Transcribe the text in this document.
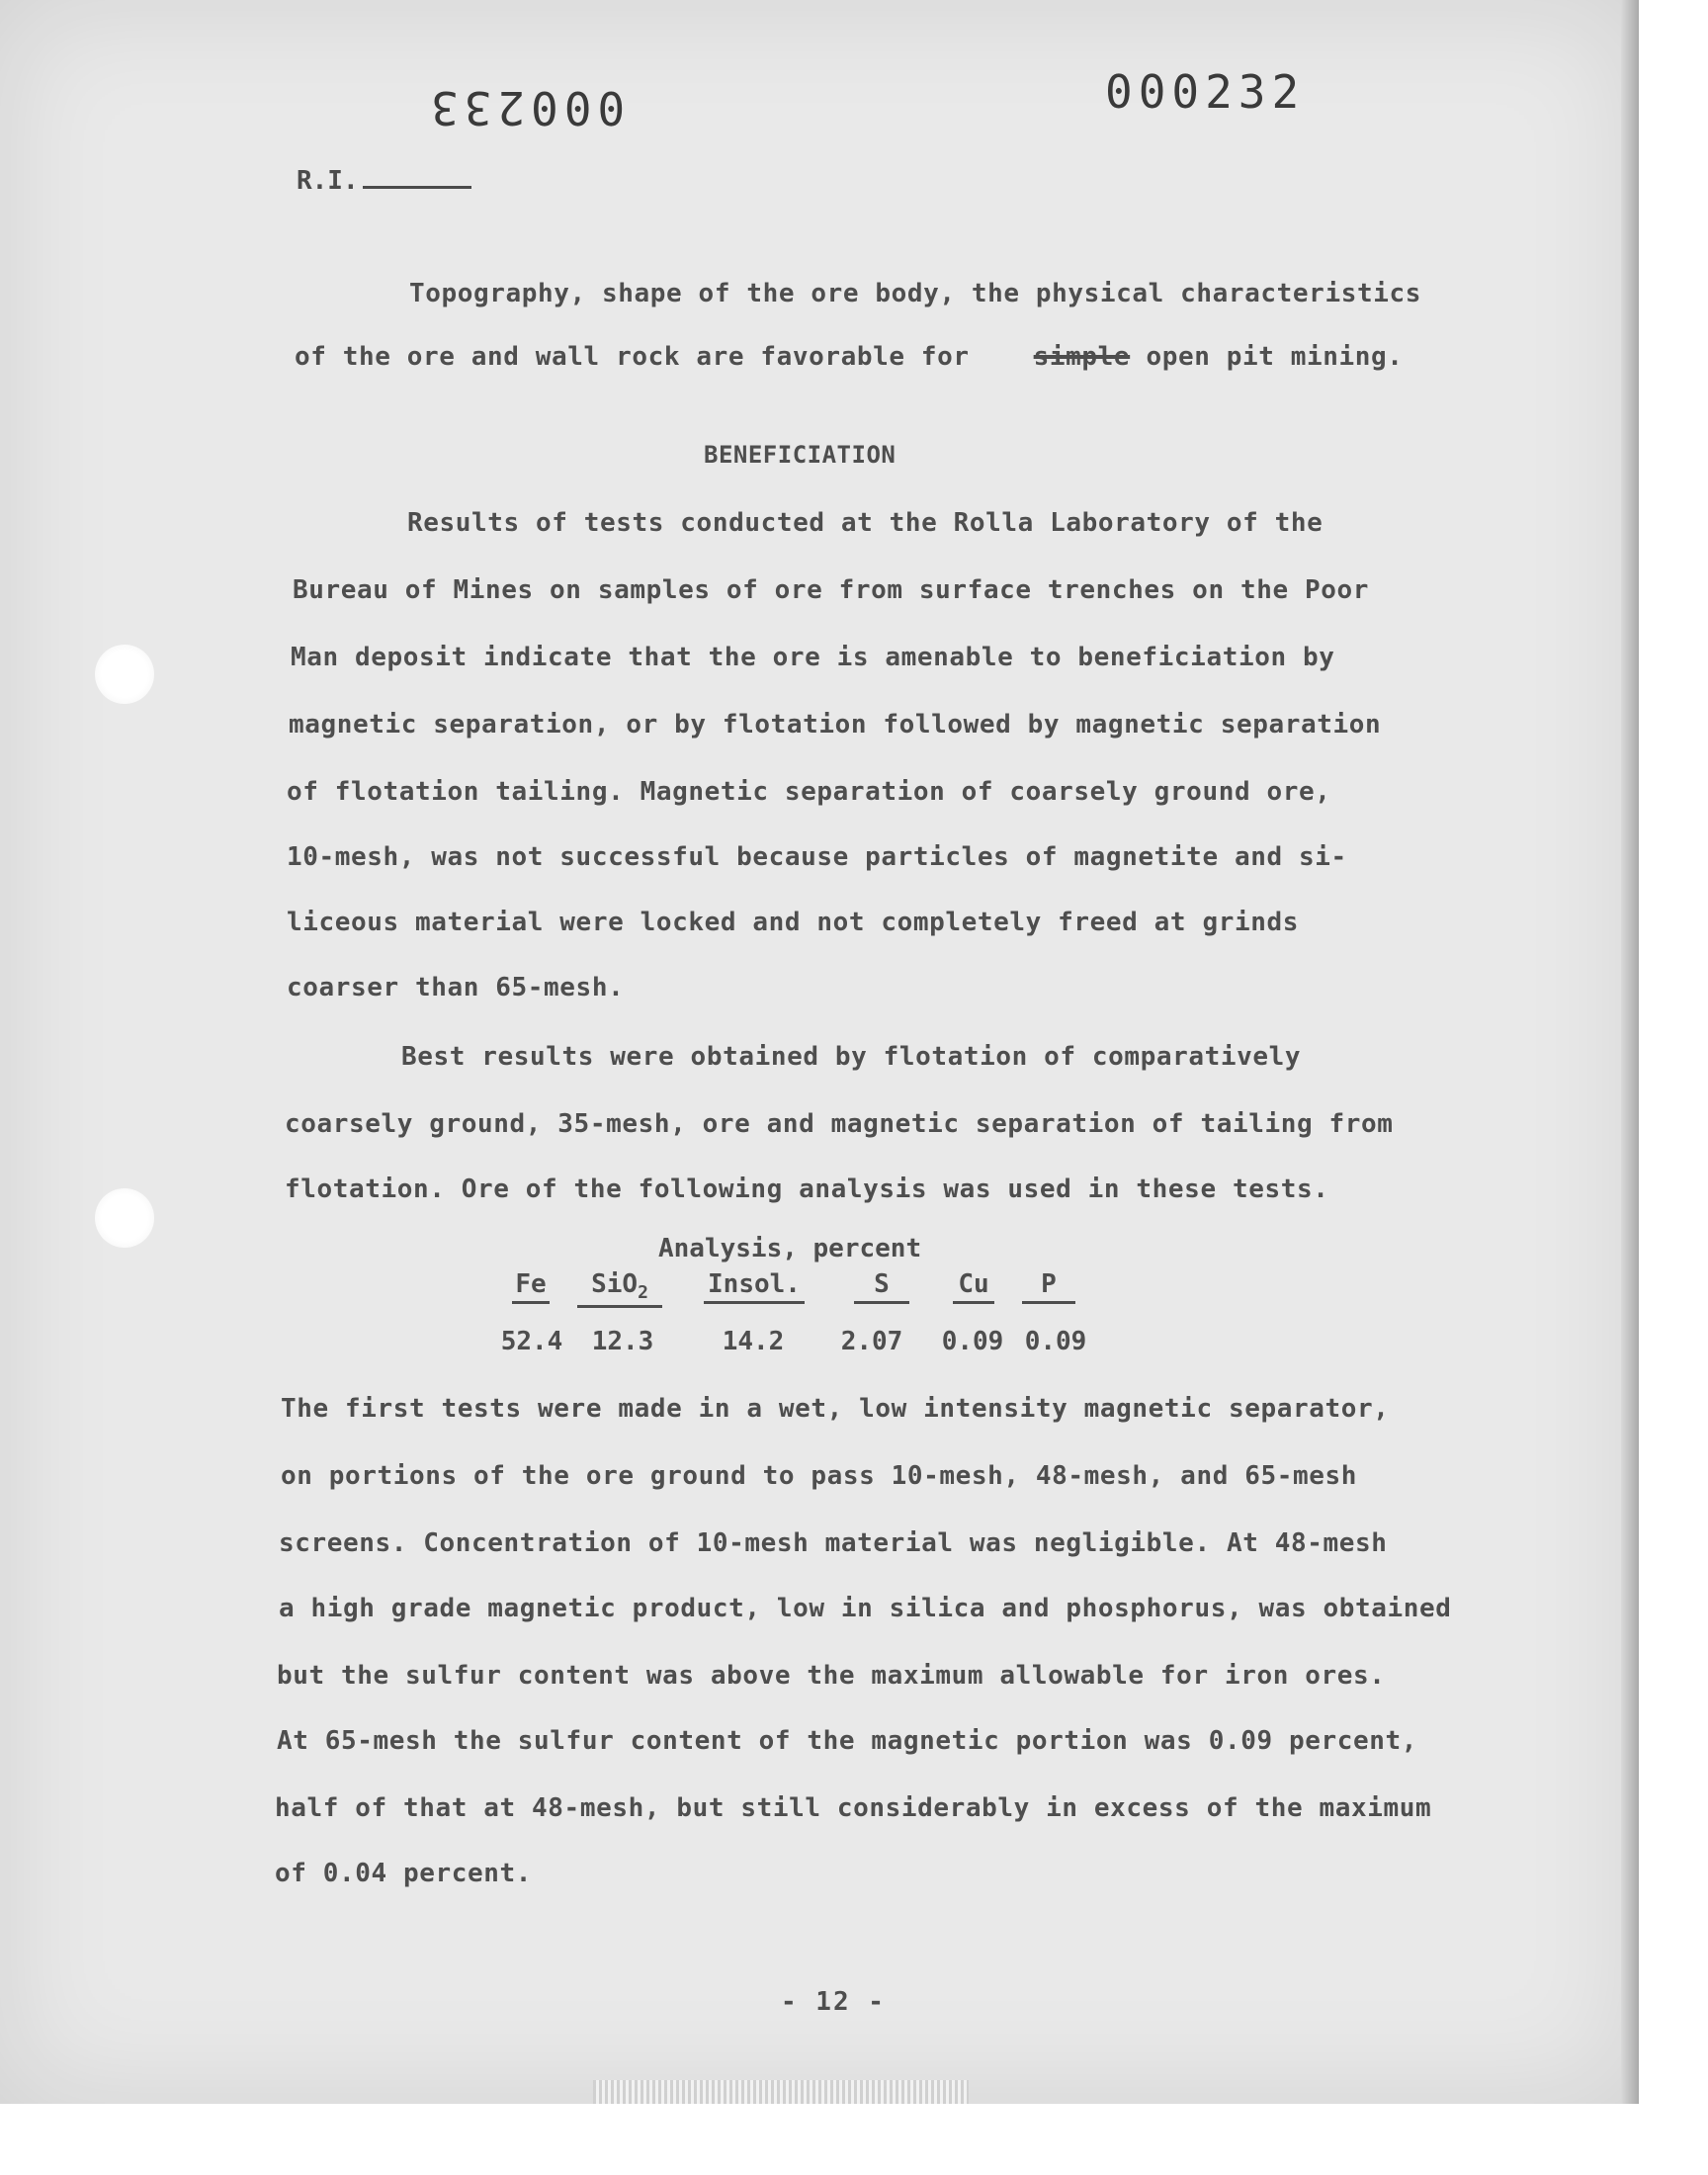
000233	000232
R.I.
Topography, shape of the ore body, the physical characteristics
of the ore and wall rock are favorable for	simple open pit mining.
BENEFICIATION
Results of tests conducted at the Rolla Laboratory of the
Bureau of Mines on samples of ore from surface trenches on the Poor
Man deposit indicate that the ore is amenable to beneficiation by
magnetic separation, or by flotation followed by magnetic separation
of flotation tailing. Magnetic separation of coarsely ground ore,
10-mesh, was not successful because particles of magnetite and si-
liceous material were locked and not completely freed at grinds
coarser than 65-mesh.
Best results were obtained by flotation of comparatively
coarsely ground, 35-mesh, ore and magnetic separation of tailing from
flotation. Ore of the following analysis was used in these tests.
Analysis, percent
Fe	SiO$_2$	Insol.	S	Cu	P
52.4	12.3	14.2	2.07	0.09 0.09
The first tests were made in a wet, low intensity magnetic separator,
on portions of the ore ground to pass 10-mesh, 48-mesh, and 65-mesh
screens. Concentration of 10-mesh material was negligible. At 48-mesh
a high grade magnetic product, low in silica and phosphorus, was obtained
but the sulfur content was above the maximum allowable for iron ores.
At 65-mesh the sulfur content of the magnetic portion was 0.09 percent,
half of that at 48-mesh, but still considerably in excess of the maximum
of 0.04 percent.
- 12 -
